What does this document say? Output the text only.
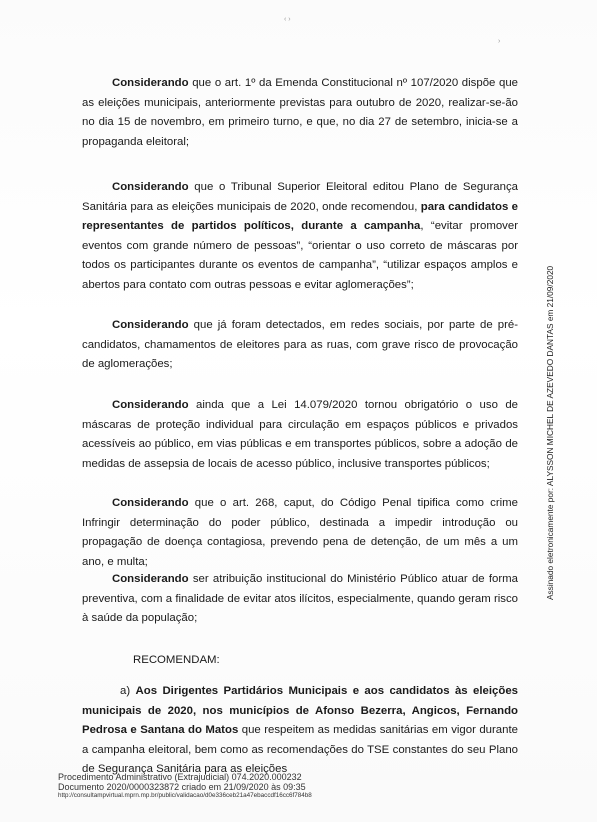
‹ ›
›

Considerando que o art. 1º da Emenda Constitucional nº 107/2020 dispõe que as eleições municipais, anteriormente previstas para outubro de 2020, realizar-se-ão no dia 15 de novembro, em primeiro turno, e que, no dia 27 de setembro, inicia-se a propaganda eleitoral;

Considerando que o Tribunal Superior Eleitoral editou Plano de Segurança Sanitária para as eleições municipais de 2020, onde recomendou, para candidatos e representantes de partidos políticos, durante a campanha, “evitar promover eventos com grande número de pessoas”, “orientar o uso correto de máscaras por todos os participantes durante os eventos de campanha”, “utilizar espaços amplos e abertos para contato com outras pessoas e evitar aglomerações”;

Considerando que já foram detectados, em redes sociais, por parte de pré-candidatos, chamamentos de eleitores para as ruas, com grave risco de provocação de aglomerações;

Considerando ainda que a Lei 14.079/2020 tornou obrigatório o uso de máscaras de proteção individual para circulação em espaços públicos e privados acessíveis ao público, em vias públicas e em transportes públicos, sobre a adoção de medidas de assepsia de locais de acesso público, inclusive transportes públicos;

Considerando que o art. 268, caput, do Código Penal tipifica como crime Infringir determinação do poder público, destinada a impedir introdução ou propagação de doença contagiosa, prevendo pena de detenção, de um mês a um ano, e multa;

Considerando ser atribuição institucional do Ministério Público atuar de forma preventiva, com a finalidade de evitar atos ilícitos, especialmente, quando geram risco à saúde da população;

RECOMENDAM:

a) Aos Dirigentes Partidários Municipais e aos candidatos às eleições municipais de 2020, nos municípios de Afonso Bezerra, Angicos, Fernando Pedrosa e Santana do Matos que respeitem as medidas sanitárias em vigor durante a campanha eleitoral, bem como as recomendações do TSE constantes do seu Plano de Segurança Sanitária para as eleições

Procedimento Administrativo (Extrajudicial) 074.2020.000232
Documento 2020/0000323872 criado em 21/09/2020 às 09:35
http://consultampvirtual.mprn.mp.br/public/validacao/d0e336ceb21a47ebaccdf16cc6f784b8
Assinado eletronicamente por: ALYSSON MICHEL DE AZEVEDO DANTAS em 21/09/2020
